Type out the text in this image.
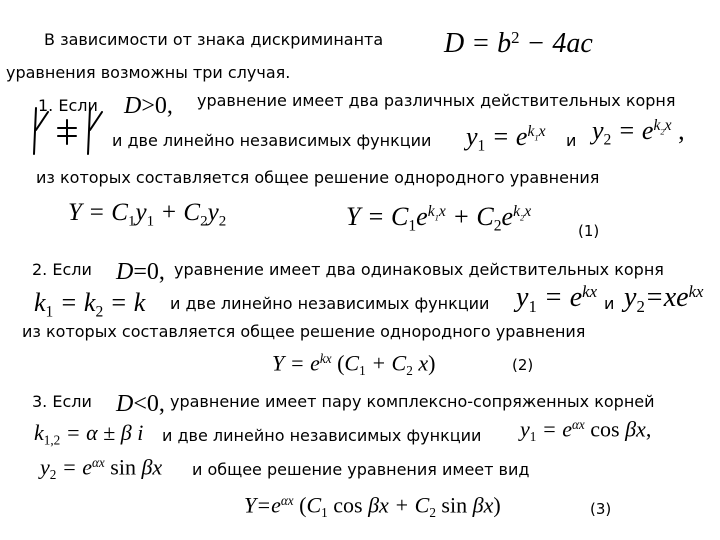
В зависимости от знака дискриминанта $D = b^2 - 4ac$
уравнения возможны три случая.
1. Если D>0, уравнение имеет два различных действительных корня
и две линейно независимых функции $y_1 = e^{k_1x}$ и $y_2 = e^{k_2x}$ ,
из которых составляется общее решение однородного уравнения
$Y = C_1y_1 + C_2y_2$	$Y = C_1e^{k_1x} + C_2e^{k_2x}$
(1)
2. Если D=0, уравнение имеет два одинаковых действительных корня
$k_1 = k_2 = k$ и две линейно независимых функции $y_1 = e^{kx}$
и $y_2=xe^{kx}$
из которых составляется общее решение однородного уравнения
$Y = e^{kx}$ ($C_1 + C_2$ x)	(2)
3. Если D<0, уравнение имеет пару комплексно-сопряженных корней
$k_{1,2} = \alpha \pm \beta$ i и две линейно независимых функции $y_1 = e^{\alpha x}$ cos βx,
$y_2 = e^{\alpha x}$ sin βx и общее решение уравнения имеет вид
$Y=e^{\alpha x}$ ($C_1$ $\cos \beta x + C_2$ sin βx)	(3)
